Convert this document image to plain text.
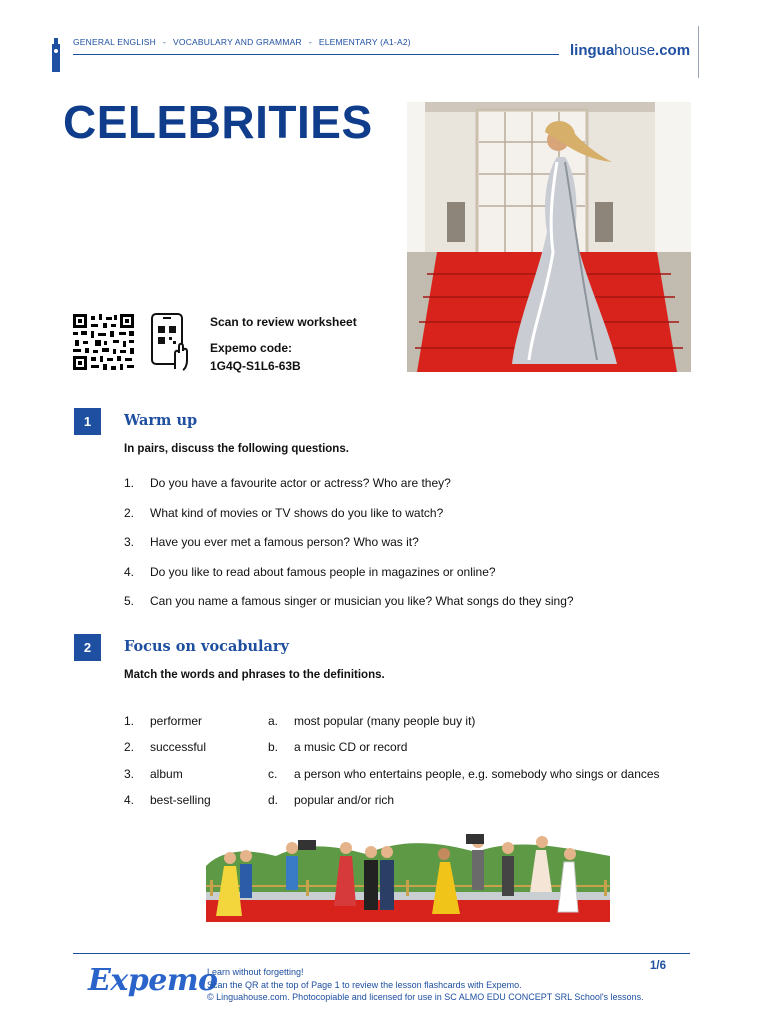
GENERAL ENGLISH - VOCABULARY AND GRAMMAR - ELEMENTARY (A1-A2)	linguahouse.com
CELEBRITIES
Scan to review worksheet
Expemo code:
1G4Q-S1L6-63B
1	Warm up
In pairs, discuss the following questions.
1.	Do you have a favourite actor or actress? Who are they?
2.	What kind of movies or TV shows do you like to watch?
3.	Have you ever met a famous person? Who was it?
4.	Do you like to read about famous people in magazines or online?
5.	Can you name a famous singer or musician you like? What songs do they sing?
2	Focus on vocabulary
Match the words and phrases to the definitions.
1.	performer	a.	most popular (many people buy it)
2.	successful	b.	a music CD or record
3.	album	c.	a person who entertains people, e.g. somebody who sings or dances
4.	best-selling	d.	popular and/or rich
Expemo
Learn without forgetting!
Scan the QR at the top of Page 1 to review the lesson flashcards with Expemo.
© Linguahouse.com. Photocopiable and licensed for use in SC ALMO EDU CONCEPT SRL School's lessons.
1/6
